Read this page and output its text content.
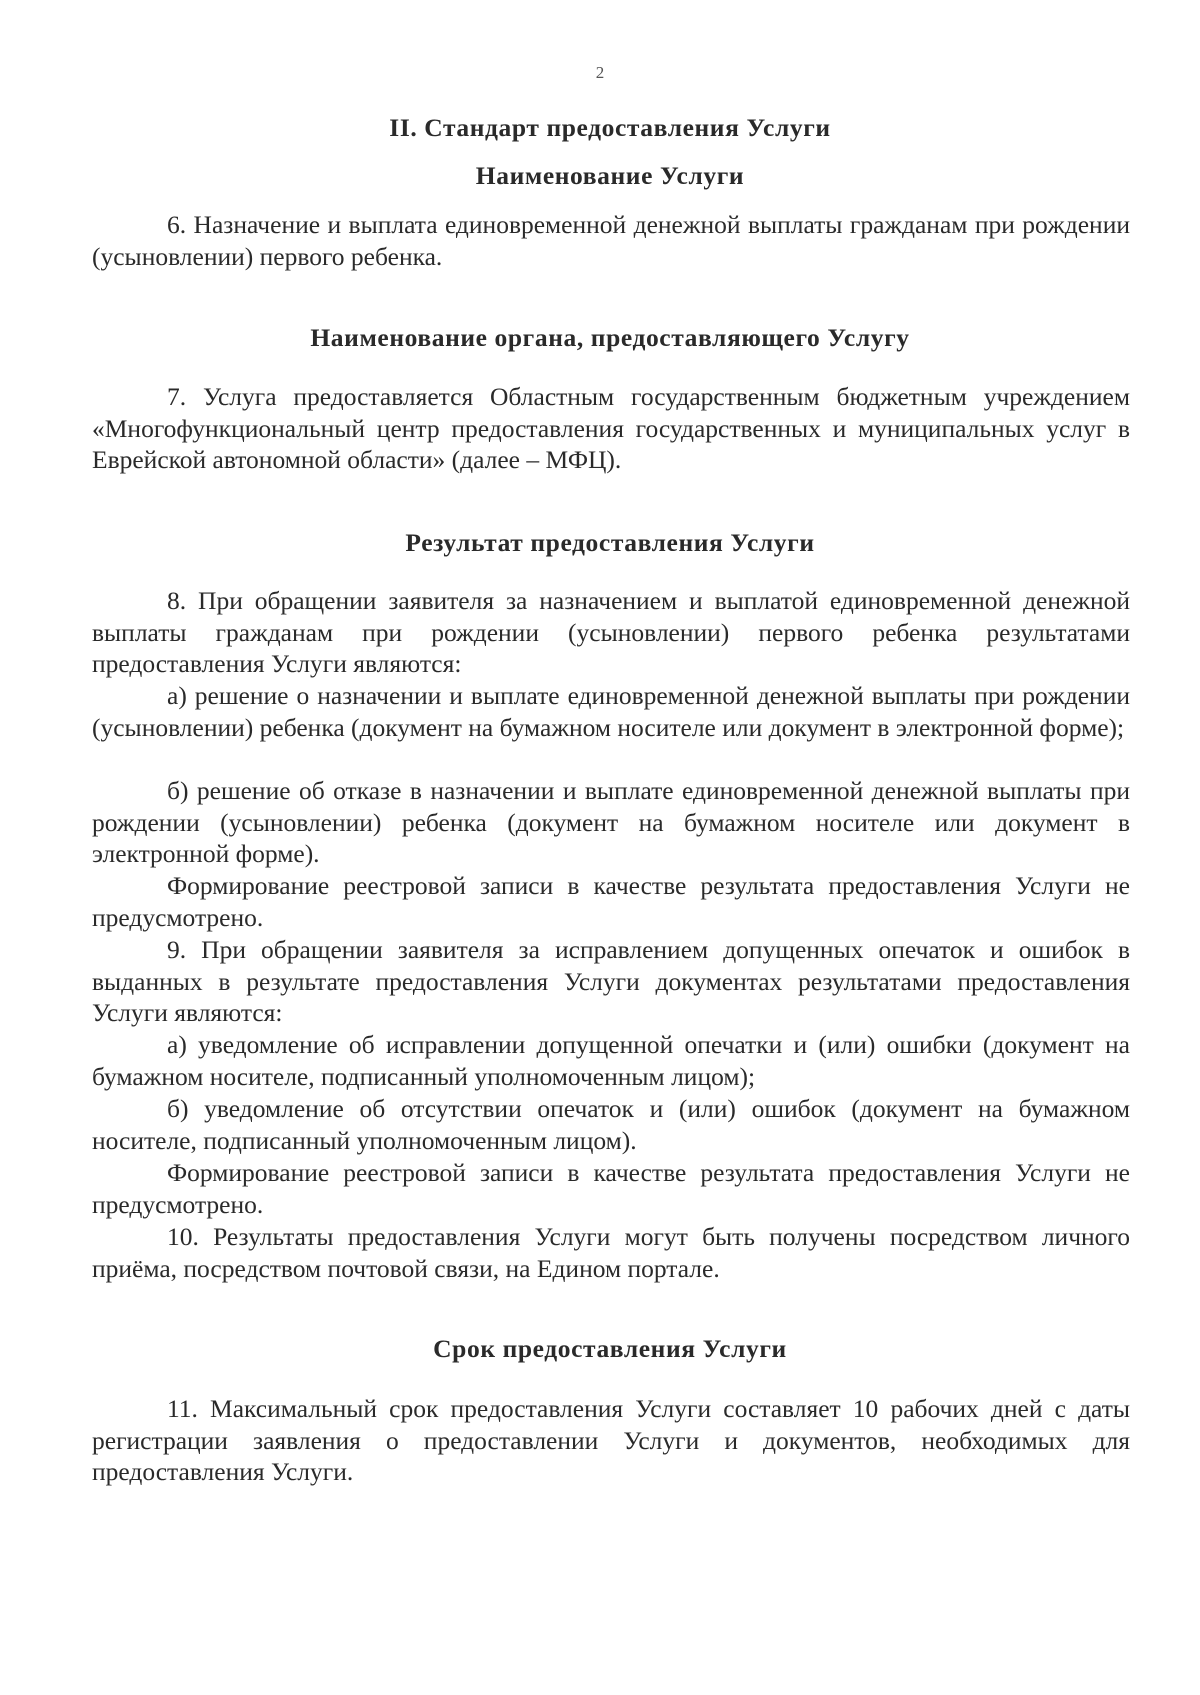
2
II. Стандарт предоставления Услуги
Наименование Услуги

6. Назначение и выплата единовременной денежной выплаты гражданам при рождении (усыновлении) первого ребенка.

Наименование органа, предоставляющего Услугу

7. Услуга предоставляется Областным государственным бюджетным учреждением «Многофункциональный центр предоставления государственных и муниципальных услуг в Еврейской автономной области» (далее – МФЦ).

Результат предоставления Услуги

8. При обращении заявителя за назначением и выплатой единовременной денежной выплаты гражданам при рождении (усыновлении) первого ребенка результатами предоставления Услуги являются:

а) решение о назначении и выплате единовременной денежной выплаты при рождении (усыновлении) ребенка (документ на бумажном носителе или документ в электронной форме);

б) решение об отказе в назначении и выплате единовременной денежной выплаты при рождении (усыновлении) ребенка (документ на бумажном носителе или документ в электронной форме).

Формирование реестровой записи в качестве результата предоставления Услуги не предусмотрено.

9. При обращении заявителя за исправлением допущенных опечаток и ошибок в выданных в результате предоставления Услуги документах результатами предоставления Услуги являются:

а) уведомление об исправлении допущенной опечатки и (или) ошибки (документ на бумажном носителе, подписанный уполномоченным лицом);

б) уведомление об отсутствии опечаток и (или) ошибок (документ на бумажном носителе, подписанный уполномоченным лицом).

Формирование реестровой записи в качестве результата предоставления Услуги не предусмотрено.

10. Результаты предоставления Услуги могут быть получены посредством личного приёма, посредством почтовой связи, на Едином портале.

Срок предоставления Услуги

11. Максимальный срок предоставления Услуги составляет 10 рабочих дней с даты регистрации заявления о предоставлении Услуги и документов, необходимых для предоставления Услуги.
